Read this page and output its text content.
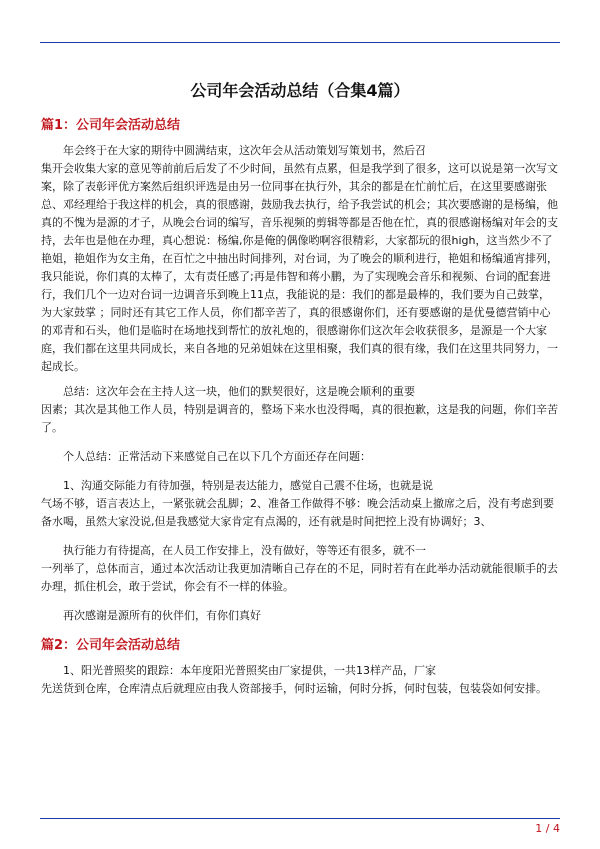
公司年会活动总结（合集4篇）
篇1：公司年会活动总结

年会终于在大家的期待中圆满结束，这次年会从活动策划写策划书，然后召
集开会收集大家的意见等前前后后发了不少时间，虽然有点累，但是我学到了很多，这可以说是第一次写文案，除了表彰评优方案然后组织评选是由另一位同事在执行外，其余的都是在忙前忙后，在这里要感谢张总、邓经理给于我这样的机会，真的很感谢，鼓励我去执行，给予我尝试的机会；其次要感谢的是杨编，他真的不愧为是源的才子，从晚会台词的编写，音乐视频的剪辑等都是否他在忙，真的很感谢杨编对年会的支持，去年也是他在办理，真心想说：杨编,你是俺的偶像哟啊容很精彩，大家都玩的很high，这当然少不了艳姐，艳姐作为女主角，在百忙之中抽出时间排列，对台词，为了晚会的顺利进行，艳姐和杨编通宵排列，我只能说，你们真的太棒了，太有责任感了;再是伟智和蒋小鹏，为了实现晚会音乐和视频、台词的配套进行，我们几个一边对台词一边调音乐到晚上11点，我能说的是：我们的都是最棒的，我们要为自己鼓掌，为大家鼓掌 ；同时还有其它工作人员，你们都辛苦了，真的很感谢你们，还有要感谢的是优曼德营销中心的邓青和石头，他们是临时在场地找到帮忙的放礼炮的，很感谢你们这次年会收获很多，是源是一个大家庭，我们都在这里共同成长，来自各地的兄弟姐妹在这里相聚，我们真的很有缘，我们在这里共同努力，一起成长。

总结：这次年会在主持人这一块，他们的默契很好，这是晚会顺利的重要
因素；其次是其他工作人员，特别是调音的，整场下来水也没得喝，真的很抱歉，这是我的问题，你们辛苦了。

个人总结：正常活动下来感觉自己在以下几个方面还存在问题：

1、沟通交际能力有待加强，特别是表达能力，感觉自己震不住场，也就是说
气场不够，语言表达上，一紧张就会乱脚；2、准备工作做得不够：晚会活动桌上撤席之后，没有考虑到要备水喝，虽然大家没说,但是我感觉大家肯定有点渴的，还有就是时间把控上没有协调好；3、

执行能力有待提高，在人员工作安排上，没有做好，等等还有很多，就不一
一列举了，总体而言，通过本次活动让我更加清晰自己存在的不足，同时若有在此举办活动就能很顺手的去办理，抓住机会，敢于尝试，你会有不一样的体验。

再次感谢是源所有的伙伴们，有你们真好

篇2：公司年会活动总结

1、阳光普照奖的跟踪：本年度阳光普照奖由厂家提供，一共13样产品，厂家
先送货到仓库，仓库清点后就理应由我人资部接手，何时运输，何时分拆，何时包装，包装袋如何安排。

1 / 4
